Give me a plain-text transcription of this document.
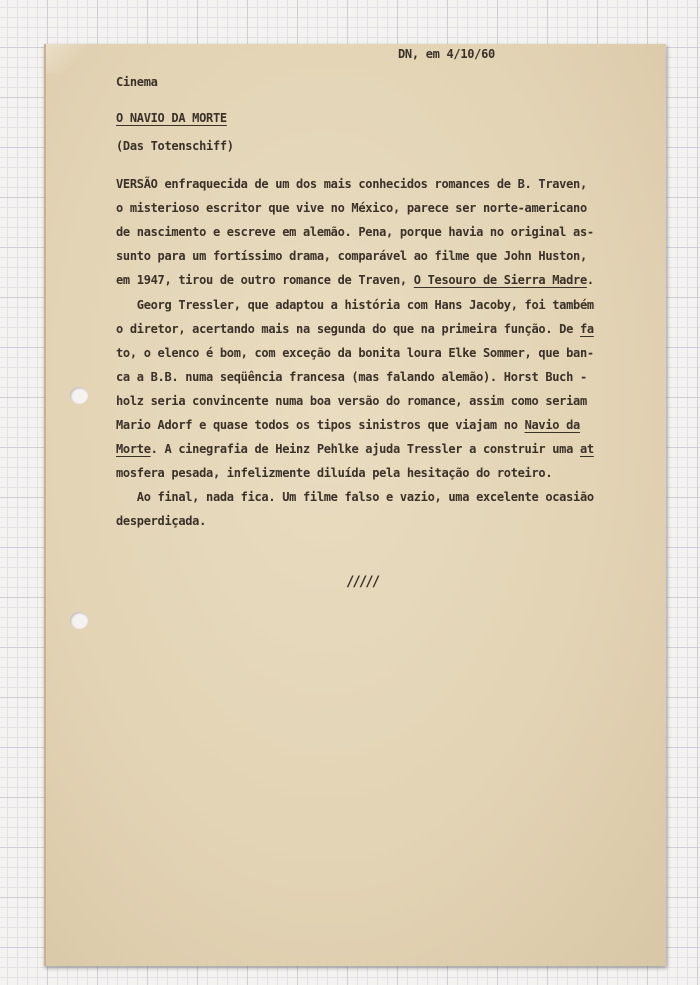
DN, em 4/10/60
Cinema
O NAVIO DA MORTE
(Das Totenschiff)
VERSÃO enfraquecida de um dos mais conhecidos romances de B. Traven,
o misterioso escritor que vive no México, parece ser norte-americano
de nascimento e escreve em alemão. Pena, porque havia no original as-
sunto para um fortíssimo drama, comparável ao filme que John Huston,
em 1947, tirou de outro romance de Traven, O Tesouro de Sierra Madre.
Georg Tressler, que adaptou a história com Hans Jacoby, foi também
o diretor, acertando mais na segunda do que na primeira função. De fa
to, o elenco é bom, com exceção da bonita loura Elke Sommer, que ban-
ca a B.B. numa seqüência francesa (mas falando alemão). Horst Buch -
holz seria convincente numa boa versão do romance, assim como seriam
Mario Adorf e quase todos os tipos sinistros que viajam no Navio da
Morte. A cinegrafia de Heinz Pehlke ajuda Tressler a construir uma at
mosfera pesada, infelizmente diluída pela hesitação do roteiro.
Ao final, nada fica. Um filme falso e vazio, uma excelente ocasião
desperdiçada.
/////
